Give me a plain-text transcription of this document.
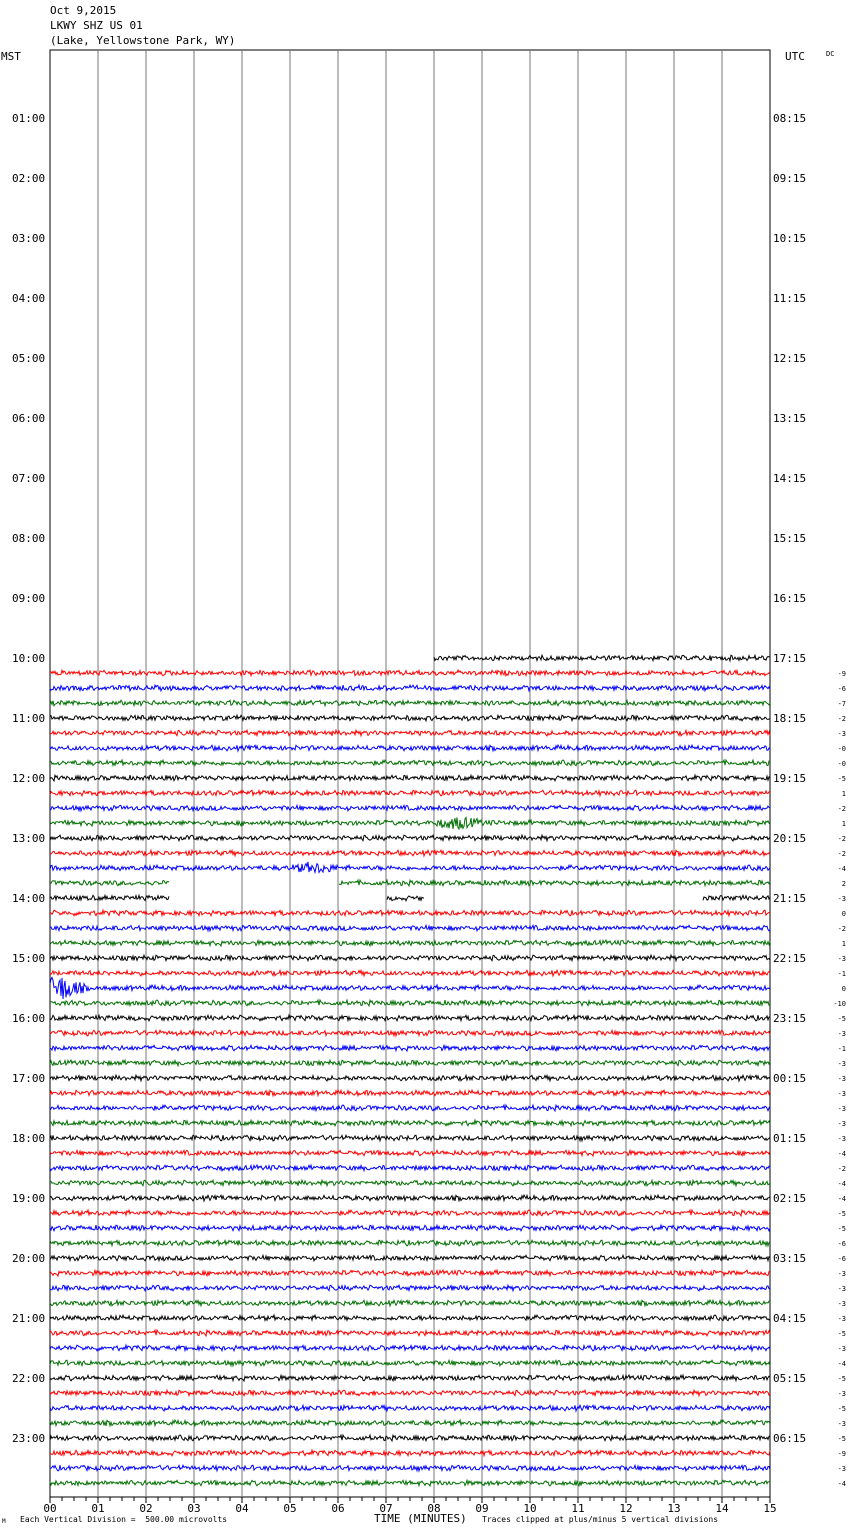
Oct 9,2015
LKWY SHZ US 01
(Lake, Yellowstone Park, WY)
MST	UTC	DC
01:00
02:00
03:00
04:00
05:00
06:00
07:00
08:00
09:00
10:00
11:00
12:00
13:00
14:00
15:00
16:00
17:00
18:00
19:00
20:00
21:00
22:00
23:00
08:15
09:15
10:15
11:15
12:15
13:15
14:15
15:15
16:15
17:15
18:15
19:15
20:15
21:15
22:15
23:15
00:15
01:15
02:15
03:15
04:15
05:15
06:15
00	01	02	03	04	05	06	07	08	09	10	11	12	13	14	15
-9
-6
-7
-2
-3
-0
-0
-5
1
-2
1
-2
-2
-4
2
-3
0
-2
1
-3
-1
0
-10
-5
-3
-1
-3
-3
-3
-3
-3
-3
-4
-2
-4
-4
-5
-5
-6
-6
-3
-3
-3
-3
-5
-3
-4
-5
-3
-5
-3
-5
-9
-3
-4
M Each Vertical Division =  500.00 microvolts	TIME (MINUTES) Traces clipped at plus/minus 5 vertical divisions
